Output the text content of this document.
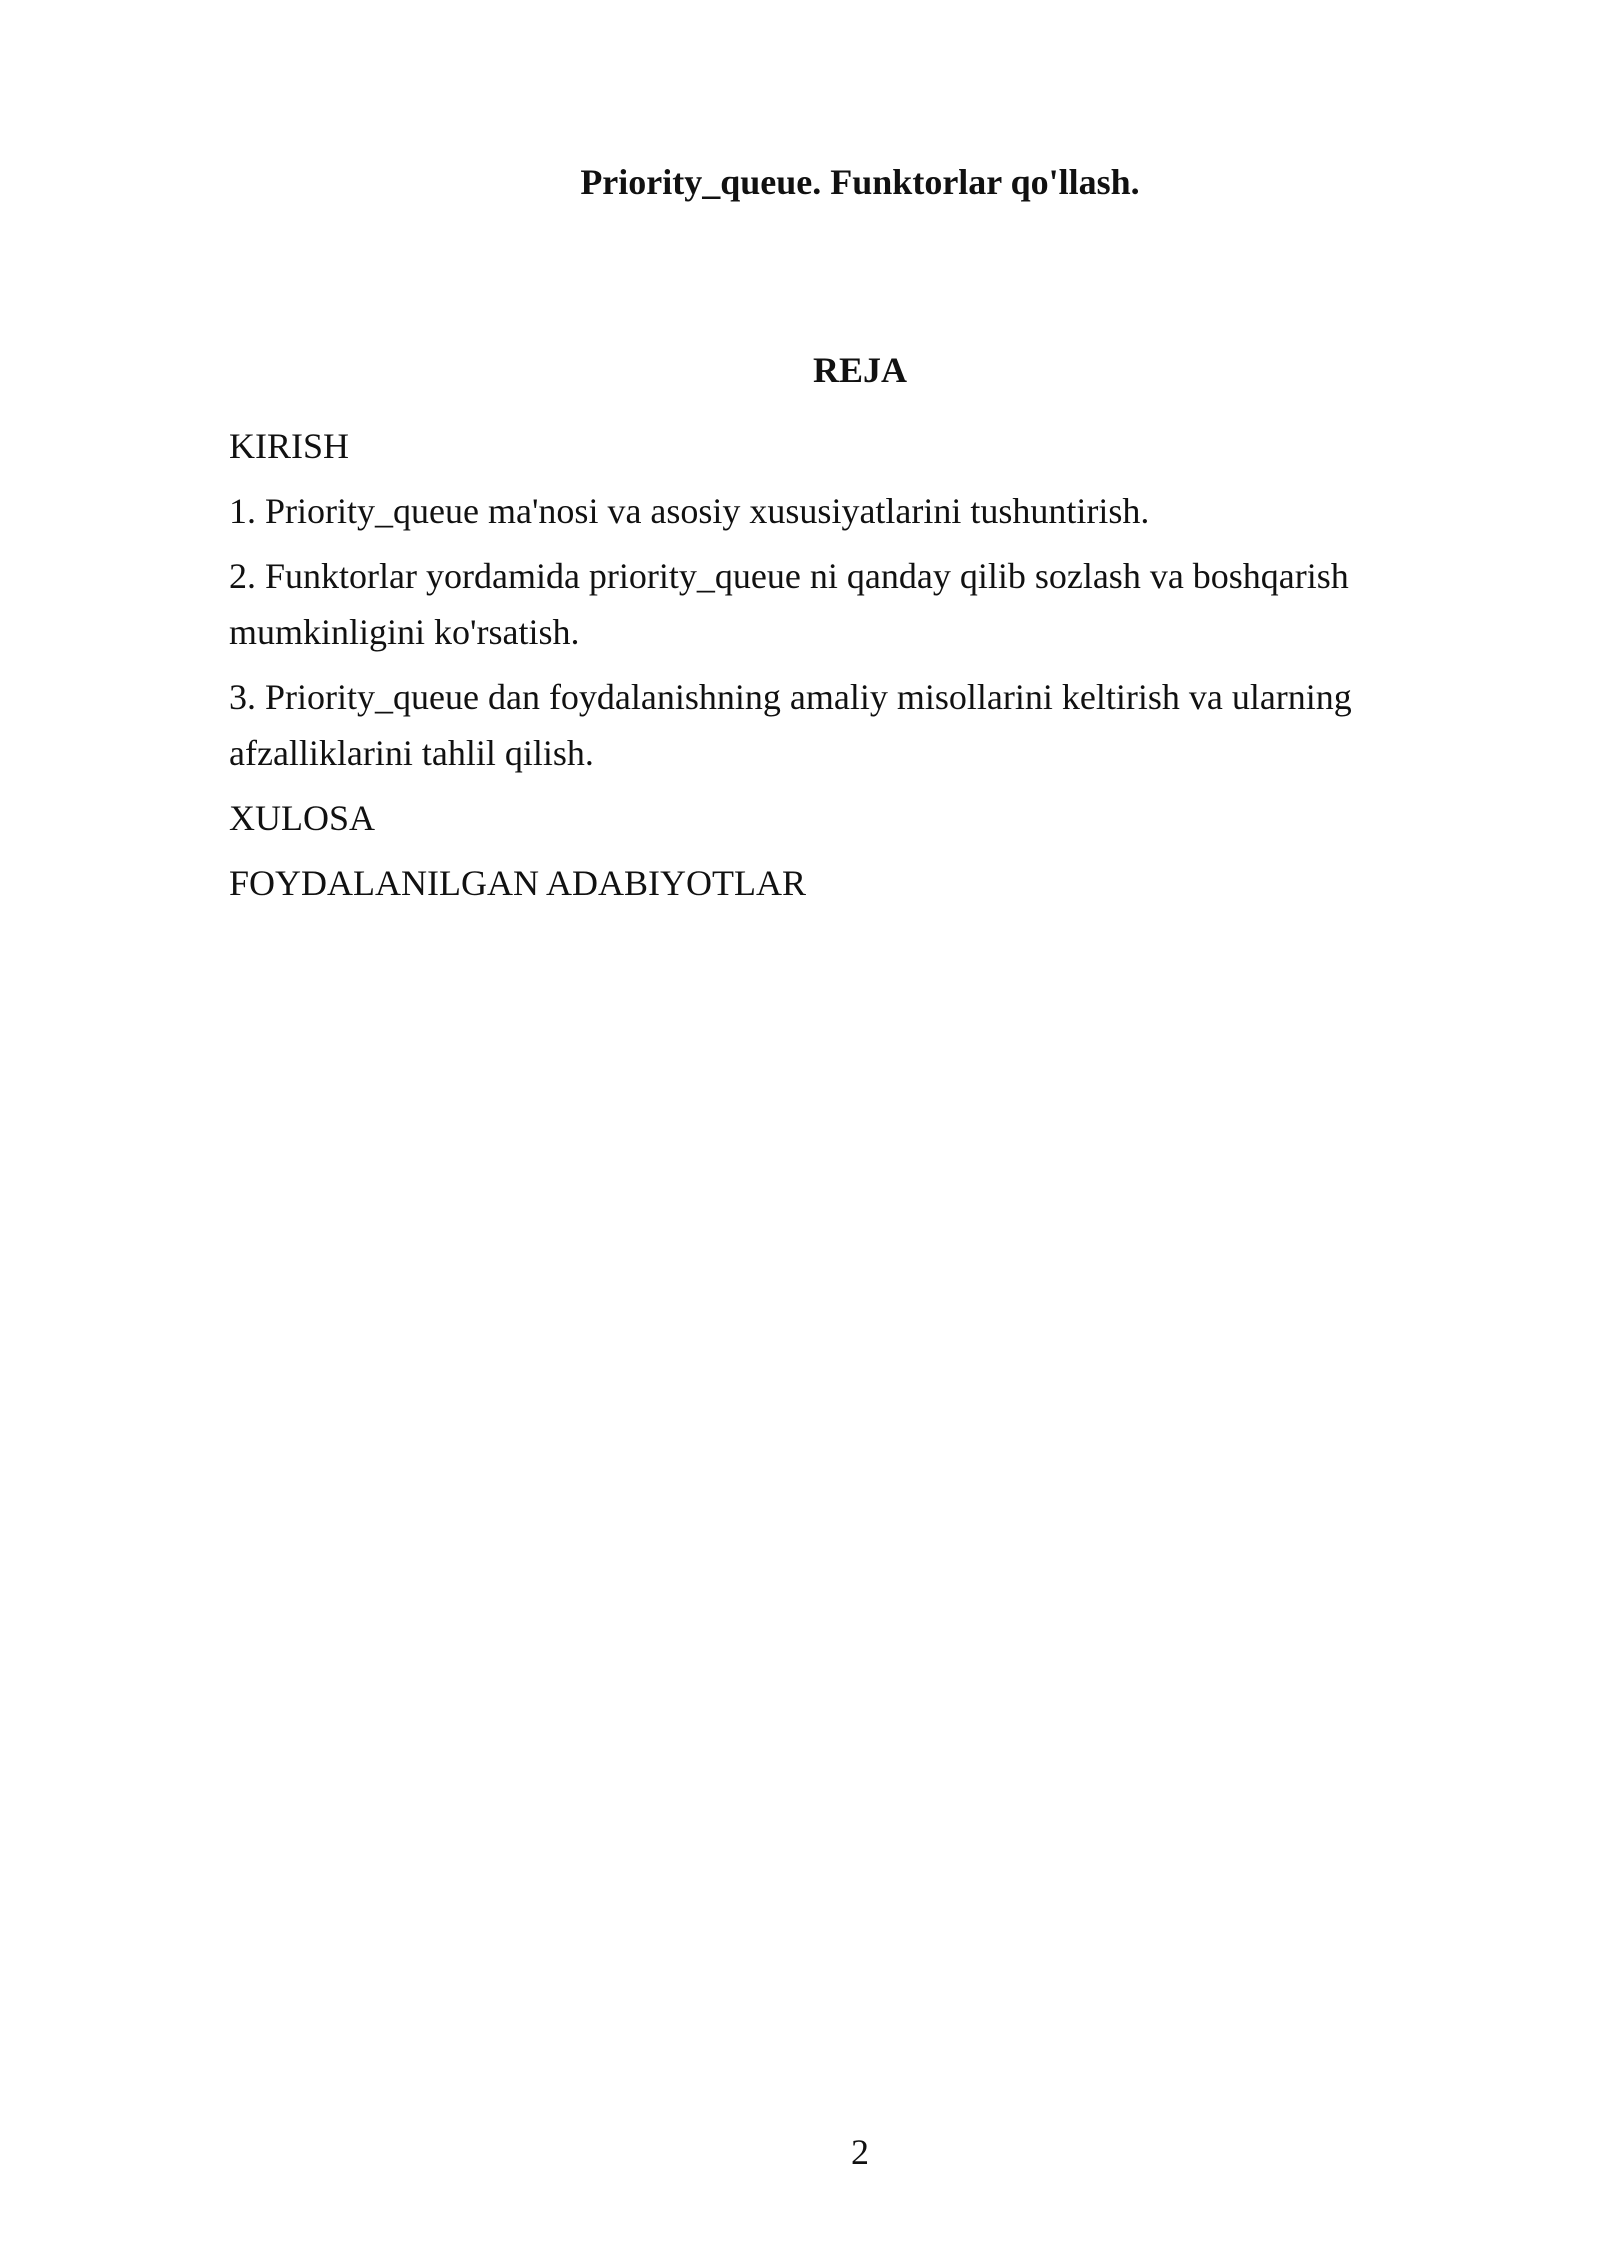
Priority_queue. Funktorlar qo'llash.
REJA
KIRISH
1. Priority_queue ma'nosi va asosiy xususiyatlarini tushuntirish.
2. Funktorlar yordamida priority_queue ni qanday qilib sozlash va boshqarish mumkinligini ko'rsatish.
3. Priority_queue dan foydalanishning amaliy misollarini keltirish va ularning afzalliklarini tahlil qilish.
XULOSA
FOYDALANILGAN ADABIYOTLAR
2
